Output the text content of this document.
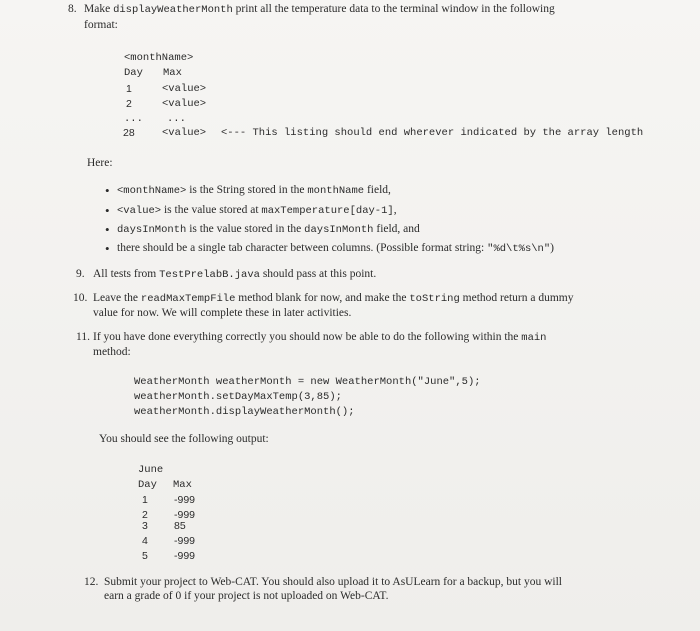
8. Make displayWeatherMonth print all the temperature data to the terminal window in the following
format:
<monthName>
Day Max
1	<value>
2	<value>
... ...
28	<value> <--- This listing should end wherever indicated by the array length
Here:
• <monthName> is the String stored in the monthName field,
• <value> is the value stored at maxTemperature[day-1],
• daysInMonth is the value stored in the daysInMonth field, and
• there should be a single tab character between columns. (Possible format string: "%d\t%s\n")
9. All tests from TestPrelabB.java should pass at this point.
10. Leave the readMaxTempFile method blank for now, and make the toString method return a dummy
value for now. We will complete these in later activities.
11. If you have done everything correctly you should now be able to do the following within the main
method:
WeatherMonth weatherMonth = new WeatherMonth("June",5);
weatherMonth.setDayMaxTemp(3,85);
weatherMonth.displayWeatherMonth();
You should see the following output:
June
Day Max
1 -999
2 -999
3 85
4 -999
5 -999
12. Submit your project to Web-CAT. You should also upload it to AsULearn for a backup, but you will
earn a grade of 0 if your project is not uploaded on Web-CAT.
